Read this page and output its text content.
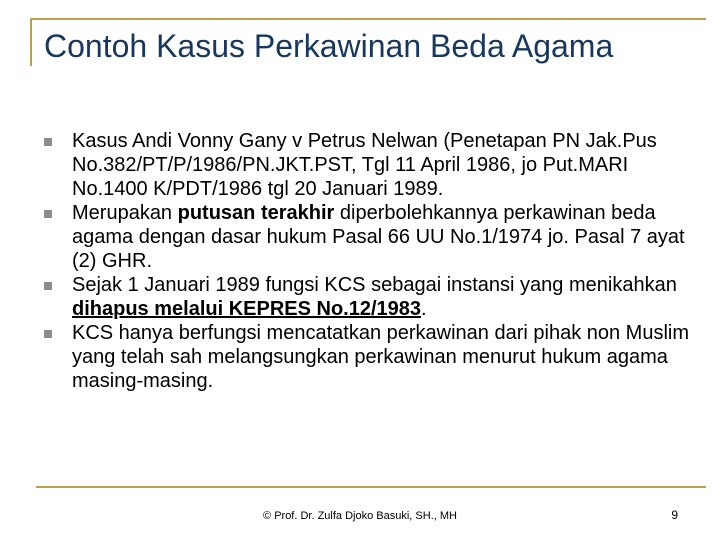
Contoh Kasus Perkawinan Beda Agama
Kasus Andi Vonny Gany v Petrus Nelwan (Penetapan PN Jak.Pus No.382/PT/P/1986/PN.JKT.PST, Tgl 11 April 1986, jo Put.MARI No.1400 K/PDT/1986 tgl 20 Januari 1989.
Merupakan putusan terakhir diperbolehkannya perkawinan beda agama dengan dasar hukum Pasal 66 UU No.1/1974 jo. Pasal 7 ayat (2) GHR.
Sejak 1 Januari 1989 fungsi KCS sebagai instansi yang menikahkan dihapus melalui KEPRES No.12/1983.
KCS hanya berfungsi mencatatkan perkawinan dari pihak non Muslim yang telah sah melangsungkan perkawinan menurut hukum agama masing-masing.
© Prof. Dr. Zulfa Djoko Basuki, SH., MH	9
